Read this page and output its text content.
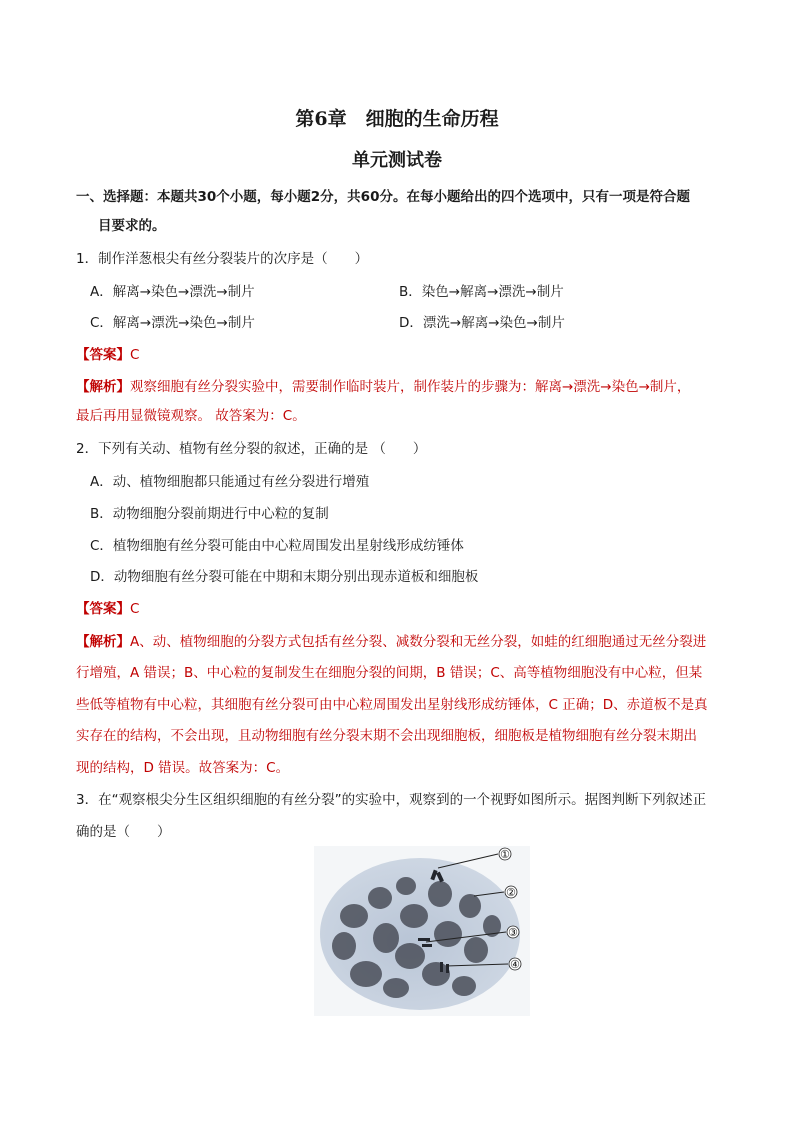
第6章　细胞的生命历程
单元测试卷
一、选择题：本题共30个小题，每小题2分，共60分。在每小题给出的四个选项中，只有一项是符合题
目要求的。
1．制作洋葱根尖有丝分裂装片的次序是（　　）
A．解离→染色→漂洗→制片	B．染色→解离→漂洗→制片
C．解离→漂洗→染色→制片	D．漂洗→解离→染色→制片
【答案】C
【解析】观察细胞有丝分裂实验中，需要制作临时装片，制作装片的步骤为：解离→漂洗→染色→制片，
最后再用显微镜观察。 故答案为：C。
2．下列有关动、植物有丝分裂的叙述，正确的是 （　　）
A．动、植物细胞都只能通过有丝分裂进行增殖
B．动物细胞分裂前期进行中心粒的复制
C．植物细胞有丝分裂可能由中心粒周围发出星射线形成纺锤体
D．动物细胞有丝分裂可能在中期和末期分别出现赤道板和细胞板
【答案】C
【解析】A、动、植物细胞的分裂方式包括有丝分裂、减数分裂和无丝分裂，如蛙的红细胞通过无丝分裂进
行增殖，A 错误；B、中心粒的复制发生在细胞分裂的间期，B 错误；C、高等植物细胞没有中心粒，但某
些低等植物有中心粒，其细胞有丝分裂可由中心粒周围发出星射线形成纺锤体，C 正确；D、赤道板不是真
实存在的结构，不会出现，且动物细胞有丝分裂末期不会出现细胞板，细胞板是植物细胞有丝分裂末期出
现的结构，D 错误。故答案为：C。
3．在“观察根尖分生区组织细胞的有丝分裂”的实验中，观察到的一个视野如图所示。据图判断下列叙述正
确的是（　　）
①
②
③
④
